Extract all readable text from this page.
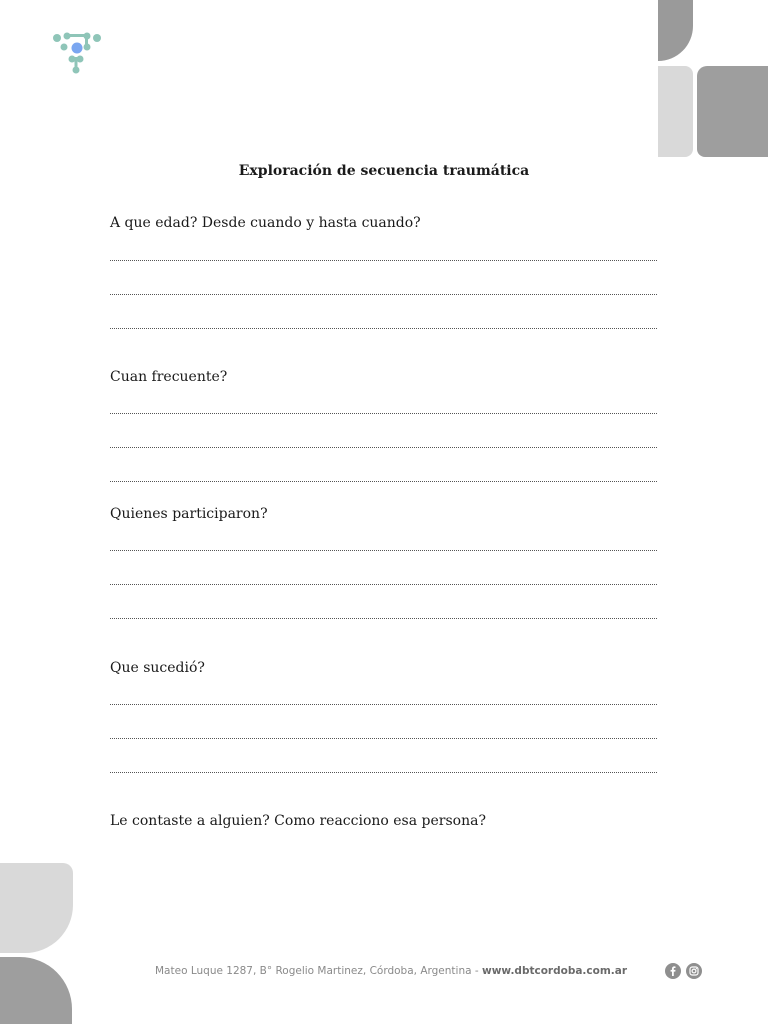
Exploración de secuencia traumática
A que edad? Desde cuando y hasta cuando?
Cuan frecuente?
Quienes participaron?
Que sucedió?
Le contaste a alguien? Como reacciono esa persona?
Mateo Luque 1287, B° Rogelio Martinez, Córdoba, Argentina - www.dbtcordoba.com.ar
